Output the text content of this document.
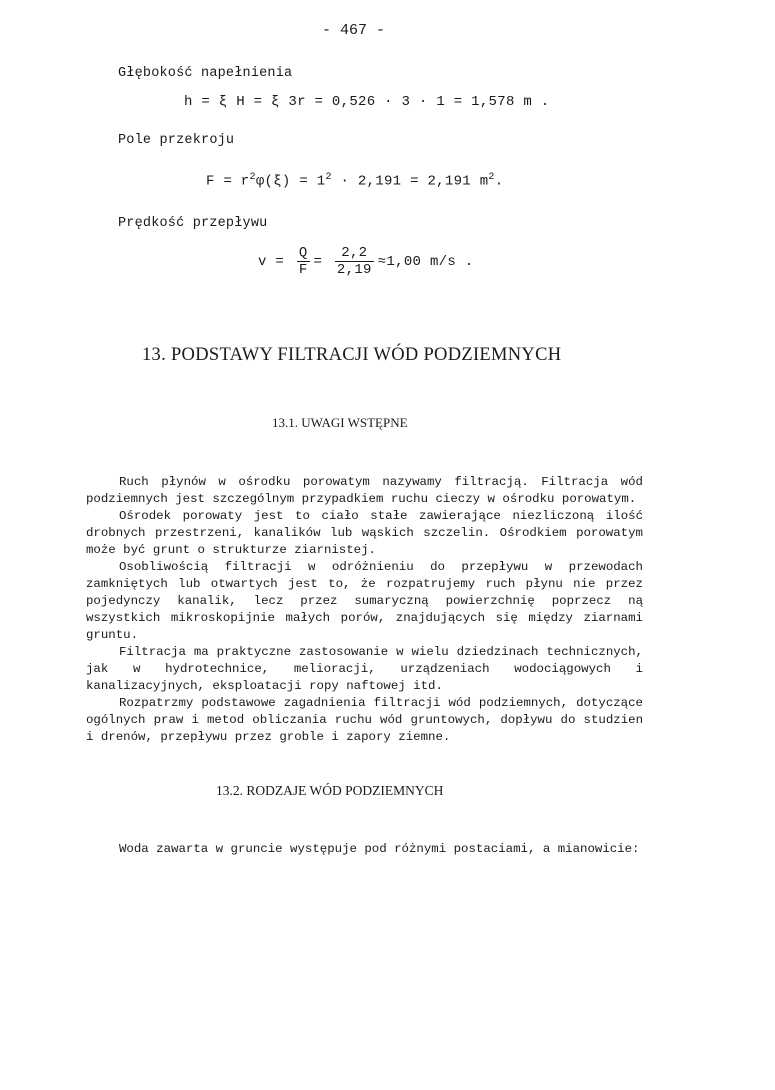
- 467 -
Głębokość napełnienia
h = ξ H = ξ 3r = 0,526 · 3 · 1 = 1,578 m .
Pole przekroju
$F = r^2\varphi(\xi) = 1^2 \cdot 2,191 = 2,191$ $m^2$.
Prędkość przepływu
$v = \frac{Q}{F} = \frac{2,2}{2,19} \approx 1,00$ m/s .
13. PODSTAWY FILTRACJI WÓD PODZIEMNYCH
13.1. UWAGI WSTĘPNE

Ruch płynów w ośrodku porowatym nazywamy filtracją. Filtracja wód podziemnych jest szczególnym przypadkiem ruchu cieczy w ośrodku porowatym.

Ośrodek porowaty jest to ciało stałe zawierające niezliczoną ilość drobnych przestrzeni, kanalików lub wąskich szczelin. Ośrodkiem porowatym może być grunt o strukturze ziarnistej.

Osobliwością filtracji w odróżnieniu do przepływu w przewodach zamkniętych lub otwartych jest to, że rozpatrujemy ruch płynu nie przez pojedynczy kanalik, lecz przez sumaryczną powierzchnię poprzecz ną wszystkich mikroskopijnie małych porów, znajdujących się między ziarnami gruntu.

Filtracja ma praktyczne zastosowanie w wielu dziedzinach technicznych, jak w hydrotechnice, melioracji, urządzeniach wodociągowych i kanalizacyjnych, eksploatacji ropy naftowej itd.

Rozpatrzmy podstawowe zagadnienia filtracji wód podziemnych, dotyczące ogólnych praw i metod obliczania ruchu wód gruntowych, dopływu do studzien i drenów, przepływu przez groble i zapory ziemne.

13.2. RODZAJE WÓD PODZIEMNYCH

Woda zawarta w gruncie występuje pod różnymi postaciami, a mianowicie:
